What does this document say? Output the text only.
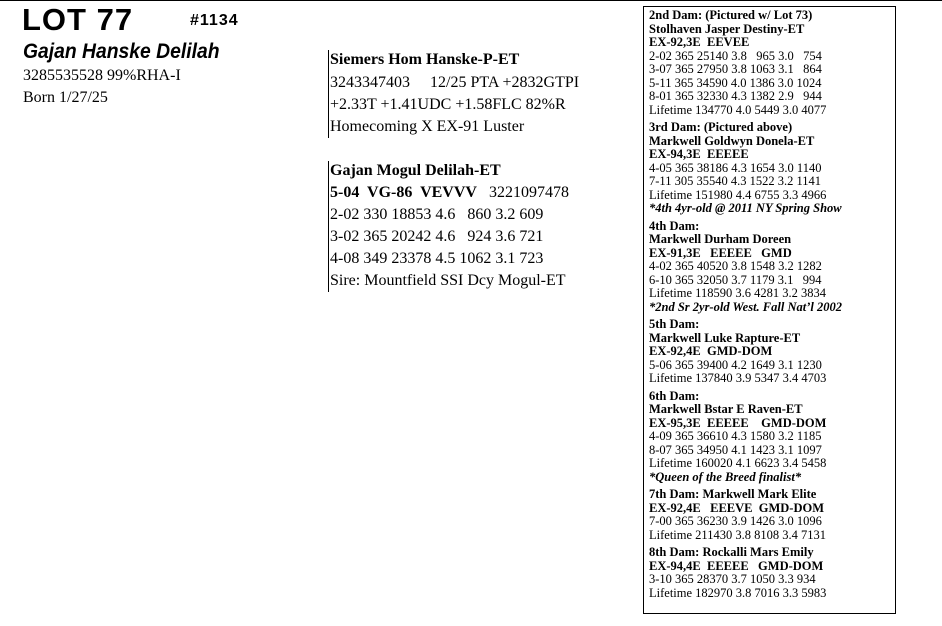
LOT 77	#1134
Gajan Hanske Delilah
3285535528 99%RHA-I
Born 1/27/25
Siemers Hom Hanske-P-ET
3243347403     12/25 PTA +2832GTPI
+2.33T +1.41UDC +1.58FLC 82%R
Homecoming X EX-91 Luster
Gajan Mogul Delilah-ET
5-04  VG-86  VEVVV   3221097478
2-02 330 18853 4.6   860 3.2 609
3-02 365 20242 4.6   924 3.6 721
4-08 349 23378 4.5 1062 3.1 723
Sire: Mountfield SSI Dcy Mogul-ET
2nd Dam: (Pictured w/ Lot 73)
Stolhaven Jasper Destiny-ET
EX-92,3E  EEVEE
2-02 365 25140 3.8   965 3.0   754
3-07 365 27950 3.8 1063 3.1   864
5-11 365 34590 4.0 1386 3.0 1024
8-01 365 32330 4.3 1382 2.9   944
Lifetime 134770 4.0 5449 3.0 4077
3rd Dam: (Pictured above)
Markwell Goldwyn Donela-ET
EX-94,3E  EEEEE
4-05 365 38186 4.3 1654 3.0 1140
7-11 305 35540 4.3 1522 3.2 1141
Lifetime 151980 4.4 6755 3.3 4966
*4th 4yr-old @ 2011 NY Spring Show
4th Dam:
Markwell Durham Doreen
EX-91,3E   EEEEE   GMD
4-02 365 40520 3.8 1548 3.2 1282
6-10 365 32050 3.7 1179 3.1   994
Lifetime 118590 3.6 4281 3.2 3834
*2nd Sr 2yr-old West. Fall Nat’l 2002
5th Dam:
Markwell Luke Rapture-ET
EX-92,4E  GMD-DOM
5-06 365 39400 4.2 1649 3.1 1230
Lifetime 137840 3.9 5347 3.4 4703
6th Dam:
Markwell Bstar E Raven-ET
EX-95,3E  EEEEE    GMD-DOM
4-09 365 36610 4.3 1580 3.2 1185
8-07 365 34950 4.1 1423 3.1 1097
Lifetime 160020 4.1 6623 3.4 5458
*Queen of the Breed finalist*
7th Dam: Markwell Mark Elite
EX-92,4E   EEEVE  GMD-DOM
7-00 365 36230 3.9 1426 3.0 1096
Lifetime 211430 3.8 8108 3.4 7131
8th Dam: Rockalli Mars Emily
EX-94,4E  EEEEE   GMD-DOM
3-10 365 28370 3.7 1050 3.3 934
Lifetime 182970 3.8 7016 3.3 5983
